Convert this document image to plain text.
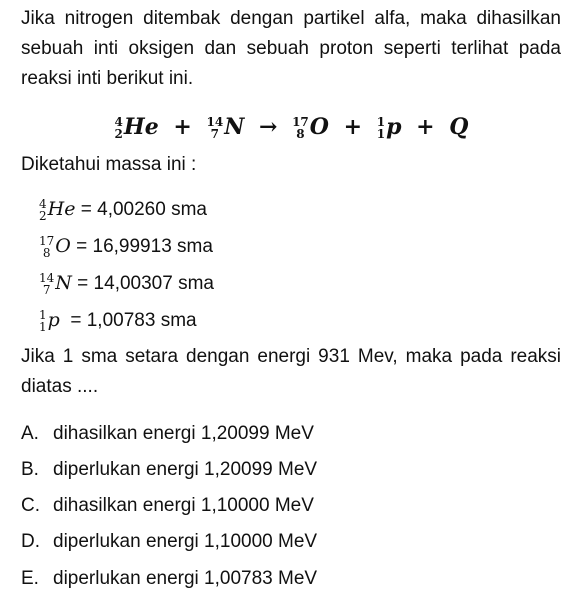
Jika nitrogen ditembak dengan partikel alfa, maka dihasilkan sebuah inti oksigen dan sebuah proton seperti terlihat pada reaksi inti berikut ini.
4
2 He + 14
7 N → 17
8 O + 1
1 p + Q
Diketahui massa ini :
4
2 He = 4,00260 sma
17
8 O = 16,99913 sma
14
7 N = 14,00307 sma
1
1 p  = 1,00783 sma
Jika 1 sma setara dengan energi 931 Mev, maka pada reaksi diatas ....
A. dihasilkan energi 1,20099 MeV
B. diperlukan energi 1,20099 MeV
C. dihasilkan energi 1,10000 MeV
D. diperlukan energi 1,10000 MeV
E. diperlukan energi 1,00783 MeV
